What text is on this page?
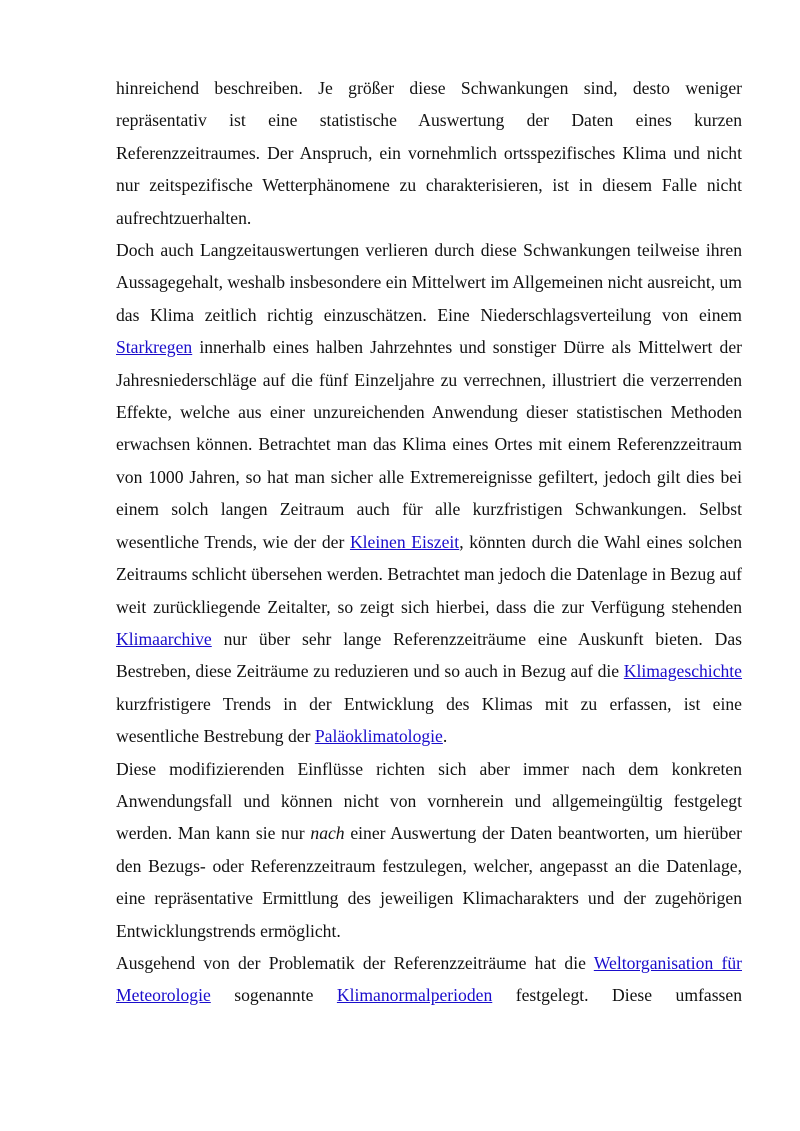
hinreichend beschreiben. Je größer diese Schwankungen sind, desto weniger repräsentativ ist eine statistische Auswertung der Daten eines kurzen Referenzzeitraumes. Der Anspruch, ein vornehmlich ortsspezifisches Klima und nicht nur zeitspezifische Wetterphänomene zu charakterisieren, ist in diesem Falle nicht aufrechtzuerhalten.

Doch auch Langzeitauswertungen verlieren durch diese Schwankungen teilweise ihren Aussagegehalt, weshalb insbesondere ein Mittelwert im Allgemeinen nicht ausreicht, um das Klima zeitlich richtig einzuschätzen. Eine Niederschlagsverteilung von einem Starkregen innerhalb eines halben Jahrzehntes und sonstiger Dürre als Mittelwert der Jahresniederschläge auf die fünf Einzeljahre zu verrechnen, illustriert die verzerrenden Effekte, welche aus einer unzureichenden Anwendung dieser statistischen Methoden erwachsen können. Betrachtet man das Klima eines Ortes mit einem Referenzzeitraum von 1000 Jahren, so hat man sicher alle Extremereignisse gefiltert, jedoch gilt dies bei einem solch langen Zeitraum auch für alle kurzfristigen Schwankungen. Selbst wesentliche Trends, wie der der Kleinen Eiszeit, könnten durch die Wahl eines solchen Zeitraums schlicht übersehen werden. Betrachtet man jedoch die Datenlage in Bezug auf weit zurückliegende Zeitalter, so zeigt sich hierbei, dass die zur Verfügung stehenden Klimaarchive nur über sehr lange Referenzzeiträume eine Auskunft bieten. Das Bestreben, diese Zeiträume zu reduzieren und so auch in Bezug auf die Klimageschichte kurzfristigere Trends in der Entwicklung des Klimas mit zu erfassen, ist eine wesentliche Bestrebung der Paläoklimatologie.

Diese modifizierenden Einflüsse richten sich aber immer nach dem konkreten Anwendungsfall und können nicht von vornherein und allgemeingültig festgelegt werden. Man kann sie nur nach einer Auswertung der Daten beantworten, um hierüber den Bezugs- oder Referenzzeitraum festzulegen, welcher, angepasst an die Datenlage, eine repräsentative Ermittlung des jeweiligen Klimacharakters und der zugehörigen Entwicklungstrends ermöglicht.

Ausgehend von der Problematik der Referenzzeiträume hat die Weltorganisation für Meteorologie sogenannte Klimanormalperioden festgelegt. Diese umfassen
